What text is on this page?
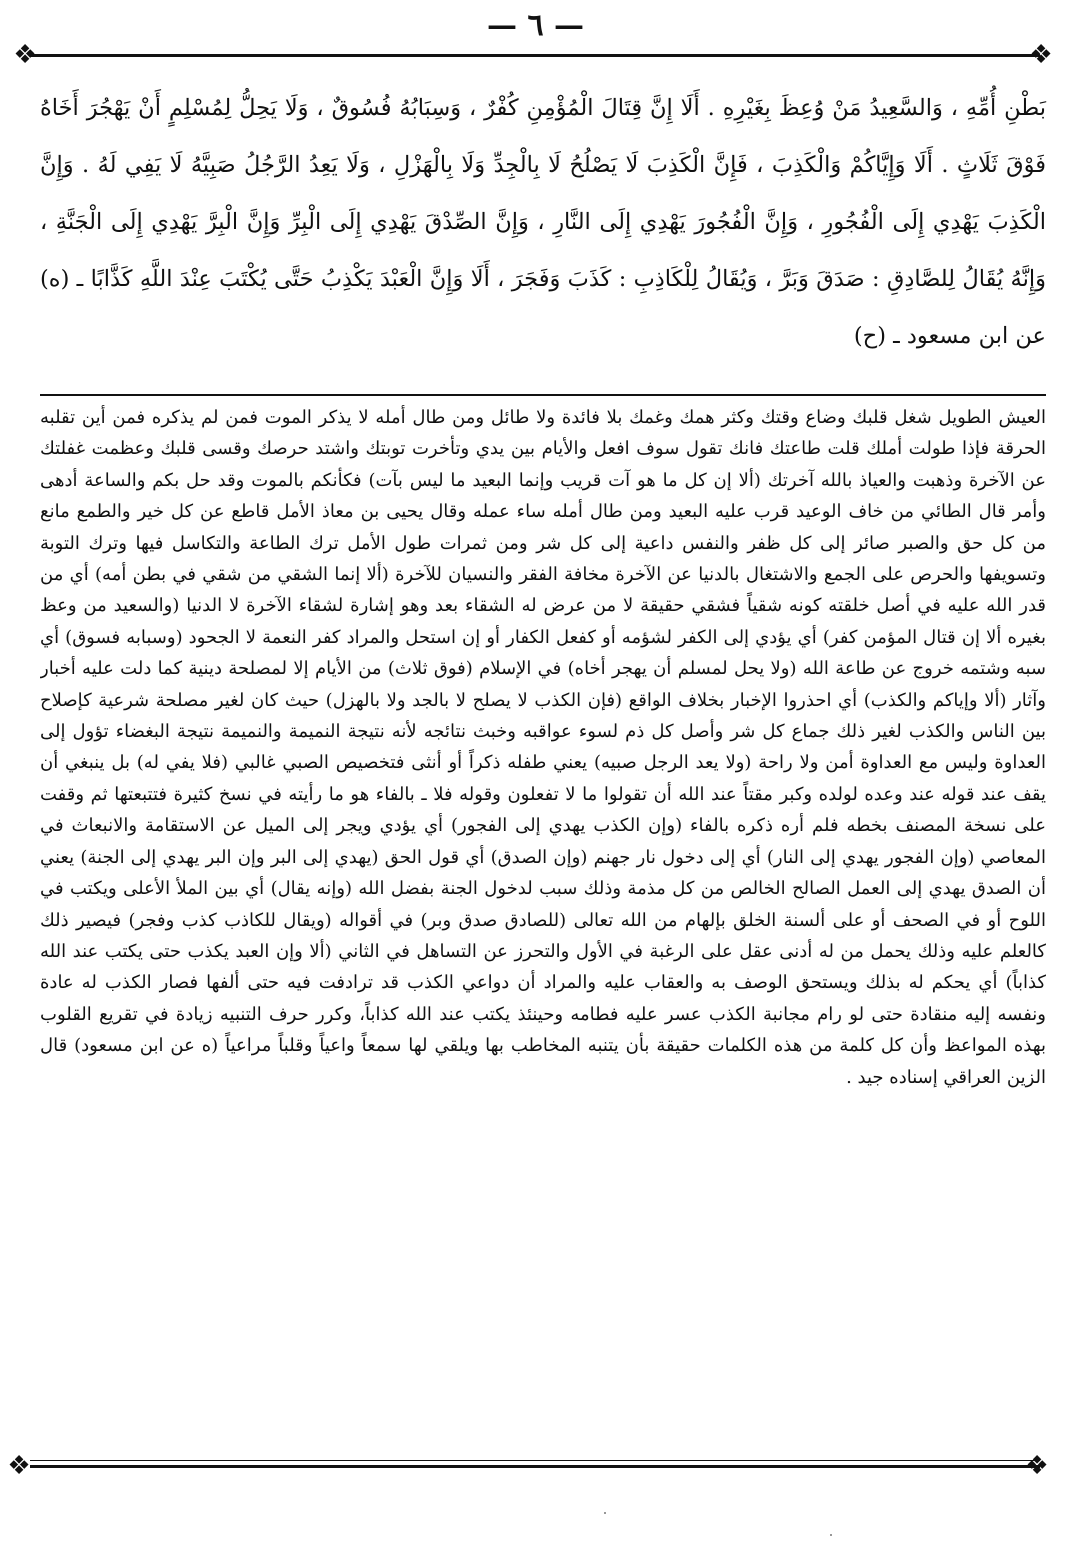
— ٦ —
❖	❖
❖	❖
بَطْنِ أُمِّهِ ، وَالسَّعِيدُ مَنْ وُعِظَ بِغَيْرِهِ . أَلَا إِنَّ قِتَالَ الْمُؤْمِنِ كُفْرٌ ، وَسِبَابُهُ فُسُوقٌ ، وَلَا يَحِلُّ لِمُسْلِمٍ أَنْ يَهْجُرَ أَخَاهُ فَوْقَ ثَلَاثٍ . أَلَا وَإِيَّاكُمْ وَالْكَذِبَ ، فَإِنَّ الْكَذِبَ لَا يَصْلُحُ لَا بِالْجِدِّ وَلَا بِالْهَزْلِ ، وَلَا يَعِدُ الرَّجُلُ صَبِيَّهُ لَا يَفِي لَهُ . وَإِنَّ الْكَذِبَ يَهْدِي إِلَى الْفُجُورِ ، وَإِنَّ الْفُجُورَ يَهْدِي إِلَى النَّارِ ، وَإِنَّ الصِّدْقَ يَهْدِي إِلَى الْبِرِّ وَإِنَّ الْبِرَّ يَهْدِي إِلَى الْجَنَّةِ ، وَإِنَّهُ يُقَالُ لِلصَّادِقِ : صَدَقَ وَبَرَّ ، وَيُقَالُ لِلْكَاذِبِ : كَذَبَ وَفَجَرَ ، أَلَا وَإِنَّ الْعَبْدَ يَكْذِبُ حَتَّى يُكْتَبَ عِنْدَ اللَّهِ كَذَّابًا ـ (ه) عن ابن مسعود ـ (ح)
العيش الطويل شغل قلبك وضاع وقتك وكثر همك وغمك بلا فائدة ولا طائل ومن طال أمله لا يذكر الموت فمن لم يذكره فمن أين تقلبه الحرقة فإذا طولت أملك قلت طاعتك فانك تقول سوف افعل والأيام بين يدي وتأخرت توبتك واشتد حرصك وقسى قلبك وعظمت غفلتك عن الآخرة وذهبت والعياذ بالله آخرتك (ألا إن كل ما هو آت قريب وإنما البعيد ما ليس بآت) فكأنكم بالموت وقد حل بكم والساعة أدهى وأمر قال الطائي من خاف الوعيد قرب عليه البعيد ومن طال أمله ساء عمله وقال يحيى بن معاذ الأمل قاطع عن كل خير والطمع مانع من كل حق والصبر صائر إلى كل ظفر والنفس داعية إلى كل شر ومن ثمرات طول الأمل ترك الطاعة والتكاسل فيها وترك التوبة وتسويفها والحرص على الجمع والاشتغال بالدنيا عن الآخرة مخافة الفقر والنسيان للآخرة (ألا إنما الشقي من شقي في بطن أمه) أي من قدر الله عليه في أصل خلقته كونه شقياً فشقي حقيقة لا من عرض له الشقاء بعد وهو إشارة لشقاء الآخرة لا الدنيا (والسعيد من وعظ بغيره ألا إن قتال المؤمن كفر) أي يؤدي إلى الكفر لشؤمه أو كفعل الكفار أو إن استحل والمراد كفر النعمة لا الجحود (وسبابه فسوق) أي سبه وشتمه خروج عن طاعة الله (ولا يحل لمسلم أن يهجر أخاه) في الإسلام (فوق ثلاث) من الأيام إلا لمصلحة دينية كما دلت عليه أخبار وآثار (ألا وإياكم والكذب) أي احذروا الإخبار بخلاف الواقع (فإن الكذب لا يصلح لا بالجد ولا بالهزل) حيث كان لغير مصلحة شرعية كإصلاح بين الناس والكذب لغير ذلك جماع كل شر وأصل كل ذم لسوء عواقبه وخبث نتائجه لأنه نتيجة النميمة والنميمة نتيجة البغضاء تؤول إلى العداوة وليس مع العداوة أمن ولا راحة (ولا يعد الرجل صبيه) يعني طفله ذكراً أو أنثى فتخصيص الصبي غالبي (فلا يفي له) بل ينبغي أن يقف عند قوله عند وعده لولده وكبر مقتاً عند الله أن تقولوا ما لا تفعلون وقوله فلا ـ بالفاء هو ما رأيته في نسخ كثيرة فتتبعتها ثم وقفت على نسخة المصنف بخطه فلم أره ذكره بالفاء (وإن الكذب يهدي إلى الفجور) أي يؤدي ويجر إلى الميل عن الاستقامة والانبعاث في المعاصي (وإن الفجور يهدي إلى النار) أي إلى دخول نار جهنم (وإن الصدق) أي قول الحق (يهدي إلى البر وإن البر يهدي إلى الجنة) يعني أن الصدق يهدي إلى العمل الصالح الخالص من كل مذمة وذلك سبب لدخول الجنة بفضل الله (وإنه يقال) أي بين الملأ الأعلى ويكتب في اللوح أو في الصحف أو على ألسنة الخلق بإلهام من الله تعالى (للصادق صدق وبر) في أقواله (ويقال للكاذب كذب وفجر) فيصير ذلك كالعلم عليه وذلك يحمل من له أدنى عقل على الرغبة في الأول والتحرز عن التساهل في الثاني (ألا وإن العبد يكذب حتى يكتب عند الله كذاباً) أي يحكم له بذلك ويستحق الوصف به والعقاب عليه والمراد أن دواعي الكذب قد ترادفت فيه حتى ألفها فصار الكذب له عادة ونفسه إليه منقادة حتى لو رام مجانبة الكذب عسر عليه فطامه وحينئذ يكتب عند الله كذاباً، وكرر حرف التنبيه زيادة في تقريع القلوب بهذه المواعظ وأن كل كلمة من هذه الكلمات حقيقة بأن يتنبه المخاطب بها ويلقي لها سمعاً واعياً وقلباً مراعياً (ه عن ابن مسعود) قال الزين العراقي إسناده جيد .
